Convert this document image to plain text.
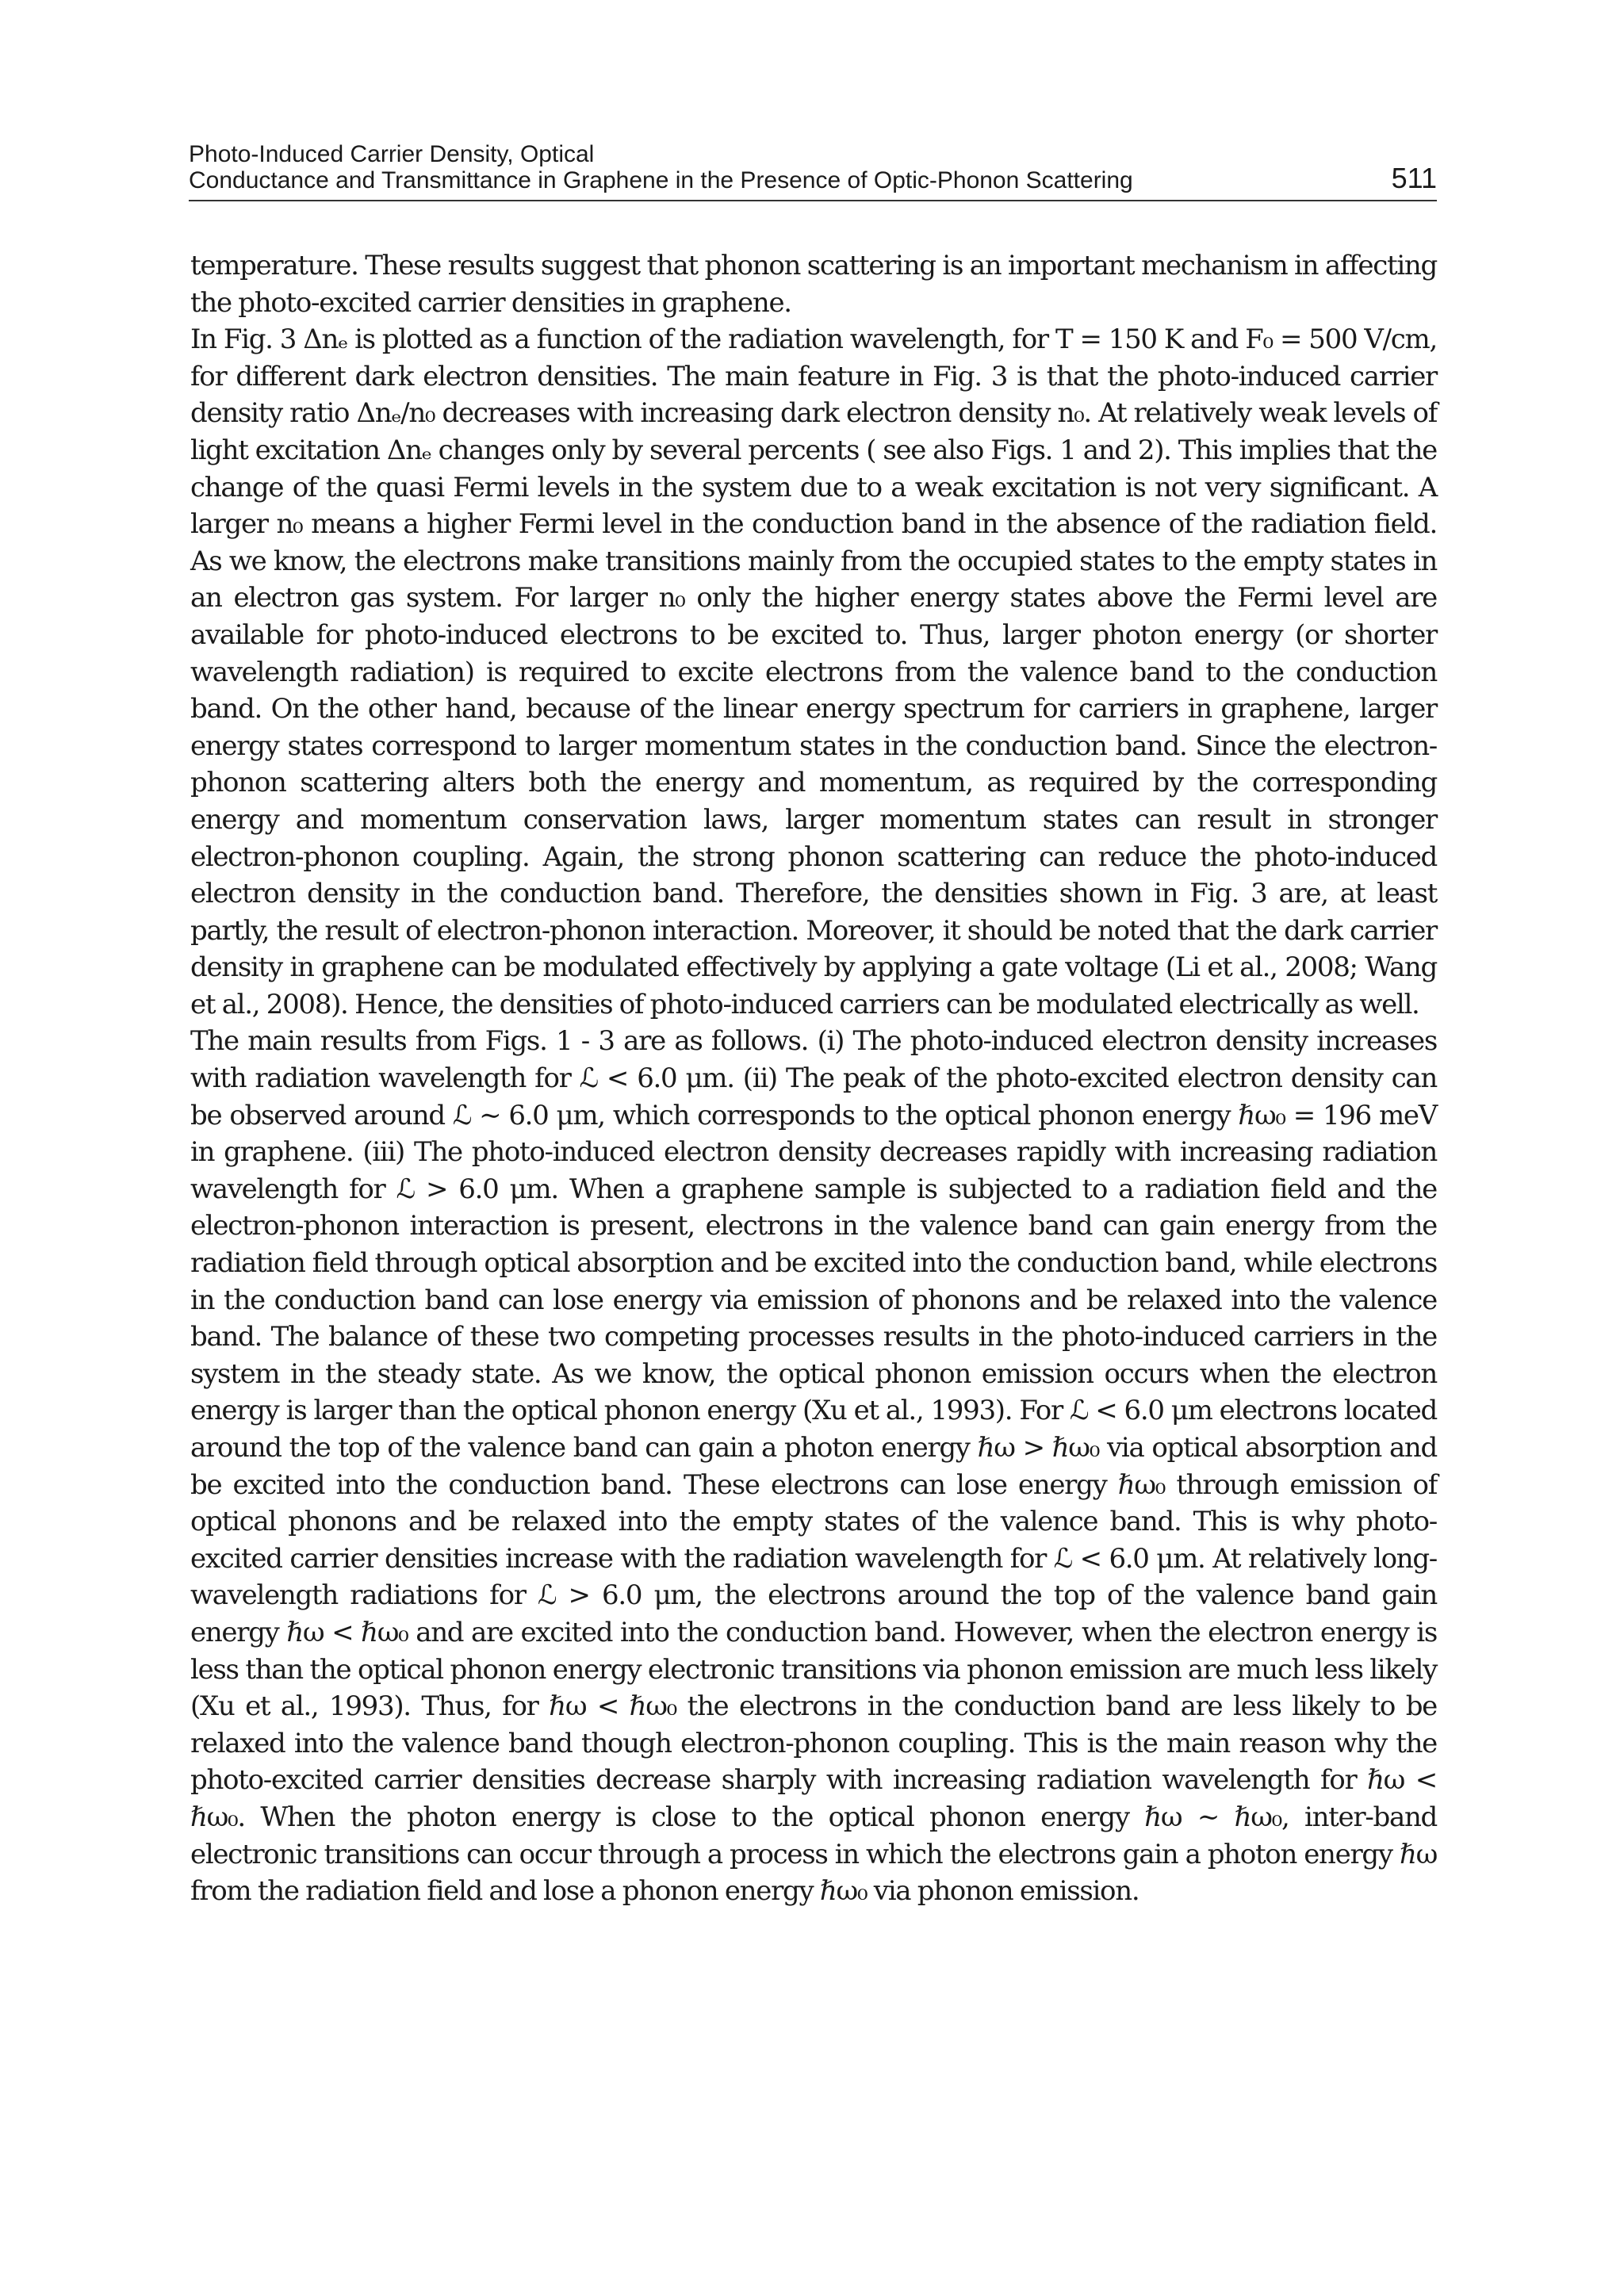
Photo-Induced Carrier Density, Optical
Conductance and Transmittance in Graphene in the Presence of Optic-Phonon Scattering	511

temperature. These results suggest that phonon scattering is an important mechanism in affecting the photo-excited carrier densities in graphene.

In Fig. 3 Δnₑ is plotted as a function of the radiation wavelength, for T = 150 K and F₀ = 500 V/cm, for different dark electron densities. The main feature in Fig. 3 is that the photo-induced carrier density ratio Δnₑ/n₀ decreases with increasing dark electron density n₀. At relatively weak levels of light excitation Δnₑ changes only by several percents ( see also Figs. 1 and 2). This implies that the change of the quasi Fermi levels in the system due to a weak excitation is not very significant. A larger n₀ means a higher Fermi level in the conduction band in the absence of the radiation field. As we know, the electrons make transitions mainly from the occupied states to the empty states in an electron gas system. For larger n₀ only the higher energy states above the Fermi level are available for photo-induced electrons to be excited to. Thus, larger photon energy (or shorter wavelength radiation) is required to excite electrons from the valence band to the conduction band. On the other hand, because of the linear energy spectrum for carriers in graphene, larger energy states correspond to larger momentum states in the conduction band. Since the electron-phonon scattering alters both the energy and momentum, as required by the corresponding energy and momentum conservation laws, larger momentum states can result in stronger electron-phonon coupling. Again, the strong phonon scattering can reduce the photo-induced electron density in the conduction band. Therefore, the densities shown in Fig. 3 are, at least partly, the result of electron-phonon interaction. Moreover, it should be noted that the dark carrier density in graphene can be modulated effectively by applying a gate voltage (Li et al., 2008; Wang et al., 2008). Hence, the densities of photo-induced carriers can be modulated electrically as well.

The main results from Figs. 1 - 3 are as follows. (i) The photo-induced electron density increases with radiation wavelength for ℒ < 6.0 μm. (ii) The peak of the photo-excited electron density can be observed around ℒ ∼ 6.0 μm, which corresponds to the optical phonon energy ℏω₀ = 196 meV in graphene. (iii) The photo-induced electron density decreases rapidly with increasing radiation wavelength for ℒ > 6.0 μm. When a graphene sample is subjected to a radiation field and the electron-phonon interaction is present, electrons in the valence band can gain energy from the radiation field through optical absorption and be excited into the conduction band, while electrons in the conduction band can lose energy via emission of phonons and be relaxed into the valence band. The balance of these two competing processes results in the photo-induced carriers in the system in the steady state. As we know, the optical phonon emission occurs when the electron energy is larger than the optical phonon energy (Xu et al., 1993). For ℒ < 6.0 μm electrons located around the top of the valence band can gain a photon energy ℏω > ℏω₀ via optical absorption and be excited into the conduction band. These electrons can lose energy ℏω₀ through emission of optical phonons and be relaxed into the empty states of the valence band. This is why photo-excited carrier densities increase with the radiation wavelength for ℒ < 6.0 μm. At relatively long-wavelength radiations for ℒ > 6.0 μm, the electrons around the top of the valence band gain energy ℏω < ℏω₀ and are excited into the conduction band. However, when the electron energy is less than the optical phonon energy electronic transitions via phonon emission are much less likely (Xu et al., 1993). Thus, for ℏω < ℏω₀ the electrons in the conduction band are less likely to be relaxed into the valence band though electron-phonon coupling. This is the main reason why the photo-excited carrier densities decrease sharply with increasing radiation wavelength for ℏω < ℏω₀. When the photon energy is close to the optical phonon energy ℏω ∼ ℏω₀, inter-band electronic transitions can occur through a process in which the electrons gain a photon energy ℏω from the radiation field and lose a phonon energy ℏω₀ via phonon emission.
